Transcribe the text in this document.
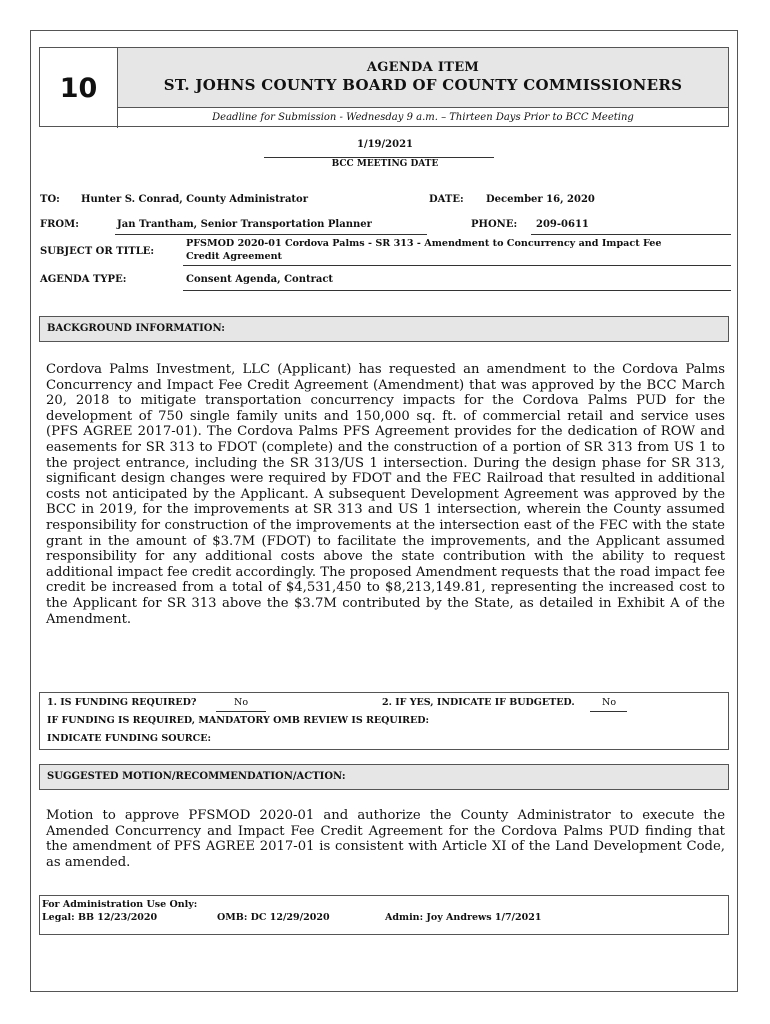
10
AGENDA ITEM
ST. JOHNS COUNTY BOARD OF COUNTY COMMISSIONERS
Deadline for Submission - Wednesday 9 a.m. – Thirteen Days Prior to BCC Meeting
1/19/2021
BCC MEETING DATE
TO: Hunter S. Conrad, County Administrator	DATE: December 16, 2020
FROM:	Jan Trantham, Senior Transportation Planner	PHONE: 209-0611
SUBJECT OR TITLE:
PFSMOD 2020-01 Cordova Palms - SR 313 - Amendment to Concurrency and Impact Fee
Credit Agreement
AGENDA TYPE:	Consent Agenda, Contract
BACKGROUND INFORMATION:
Cordova Palms Investment, LLC (Applicant) has requested an amendment to the Cordova Palms Concurrency and Impact Fee Credit Agreement (Amendment) that was approved by the BCC March 20, 2018 to mitigate transportation concurrency impacts for the Cordova Palms PUD for the development of 750 single family units and 150,000 sq. ft. of commercial retail and service uses (PFS AGREE 2017-01). The Cordova Palms PFS Agreement provides for the dedication of ROW and easements for SR 313 to FDOT (complete) and the construction of a portion of SR 313 from US 1 to the project entrance, including the SR 313/US 1 intersection. During the design phase for SR 313, significant design changes were required by FDOT and the FEC Railroad that resulted in additional costs not anticipated by the Applicant. A subsequent Development Agreement was approved by the BCC in 2019, for the improvements at SR 313 and US 1 intersection, wherein the County assumed responsibility for construction of the improvements at the intersection east of the FEC with the state grant in the amount of $3.7M (FDOT) to facilitate the improvements, and the Applicant assumed responsibility for any additional costs above the state contribution with the ability to request additional impact fee credit accordingly. The proposed Amendment requests that the road impact fee credit be increased from a total of $4,531,450 to $8,213,149.81, representing the increased cost to the Applicant for SR 313 above the $3.7M contributed by the State, as detailed in Exhibit A of the Amendment.
1. IS FUNDING REQUIRED?	No	2. IF YES, INDICATE IF BUDGETED.	No
IF FUNDING IS REQUIRED, MANDATORY OMB REVIEW IS REQUIRED:
INDICATE FUNDING SOURCE:
SUGGESTED MOTION/RECOMMENDATION/ACTION:
Motion to approve PFSMOD 2020-01 and authorize the County Administrator to execute the Amended Concurrency and Impact Fee Credit Agreement for the Cordova Palms PUD finding that the amendment of PFS AGREE 2017-01 is consistent with Article XI of the Land Development Code, as amended.
For Administration Use Only:
Legal: BB 12/23/2020	OMB: DC 12/29/2020	Admin: Joy Andrews 1/7/2021
